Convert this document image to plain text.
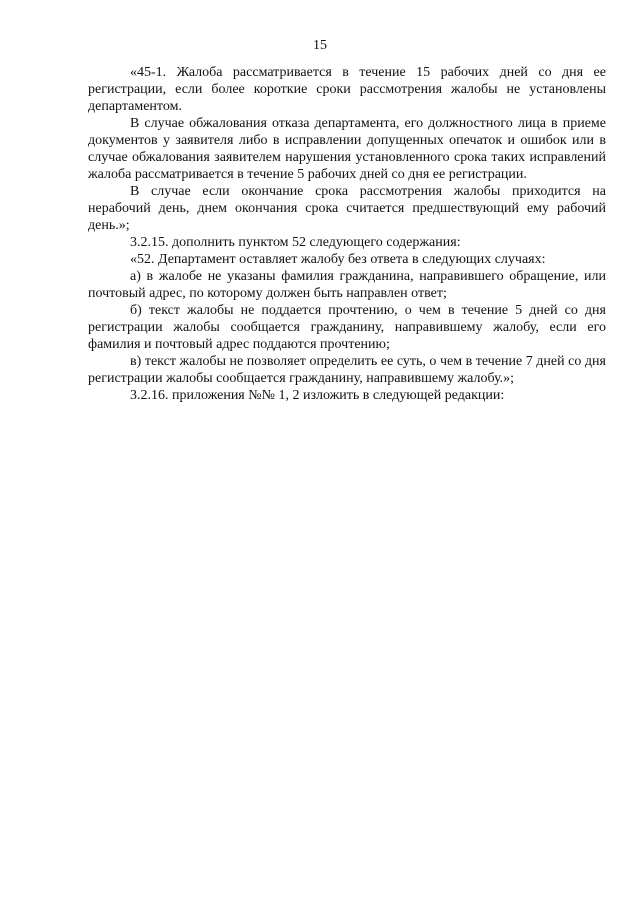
15

«45-1. Жалоба рассматривается в течение 15 рабочих дней со дня ее регистрации, если более короткие сроки рассмотрения жалобы не установлены департаментом.

В случае обжалования отказа департамента, его должностного лица в приеме документов у заявителя либо в исправлении допущенных опечаток и ошибок или в случае обжалования заявителем нарушения установленного срока таких исправлений жалоба рассматривается в течение 5 рабочих дней со дня ее регистрации.

В случае если окончание срока рассмотрения жалобы приходится на нерабочий день, днем окончания срока считается предшествующий ему рабочий день.»;

3.2.15. дополнить пунктом 52 следующего содержания:

«52. Департамент оставляет жалобу без ответа в следующих случаях:

а) в жалобе не указаны фамилия гражданина, направившего обращение, или почтовый адрес, по которому должен быть направлен ответ;

б) текст жалобы не поддается прочтению, о чем в течение 5 дней со дня регистрации жалобы сообщается гражданину, направившему жалобу, если его фамилия и почтовый адрес поддаются прочтению;

в) текст жалобы не позволяет определить ее суть, о чем в течение 7 дней со дня регистрации жалобы сообщается гражданину, направившему жалобу.»;

3.2.16. приложения №№ 1, 2 изложить в следующей редакции:
